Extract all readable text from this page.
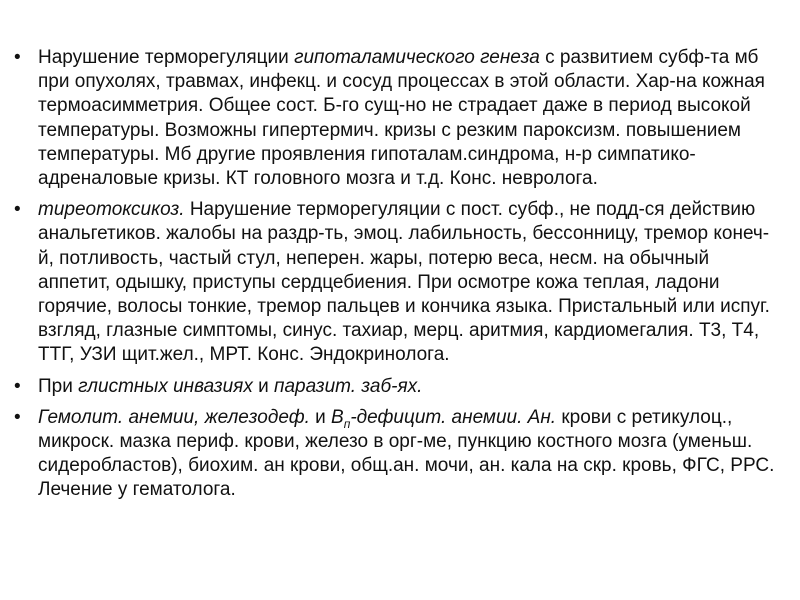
• Нарушение терморегуляции гипоталамического генеза с развитием субф-та мб при опухолях, травмах, инфекц. и сосуд процессах в этой области. Хар-на кожная термоасимметрия. Общее сост. Б-го сущ-но не страдает даже в период высокой температуры. Возможны гипертермич. кризы с резким пароксизм. повышением температуры. Мб другие проявления гипоталам.синдрома, н-р симпатико-адреналовые кризы. КТ головного мозга и т.д. Конс. невролога.
• тиреотоксикоз. Нарушение терморегуляции с пост. субф., не подд-ся действию анальгетиков. жалобы на раздр-ть, эмоц. лабильность, бессонницу, тремор конеч-й, потливость, частый стул, неперен. жары, потерю веса, несм. на обычный аппетит, одышку, приступы сердцебиения. При осмотре кожа теплая, ладони горячие, волосы тонкие, тремор пальцев и кончика языка. Пристальный или испуг. взгляд, глазные симптомы, синус. тахиар, мерц. аритмия, кардиомегалия. Т3, Т4, ТТГ, УЗИ щит.жел., МРТ. Конс. Эндокринолога.
• При глистных инвазиях и паразит. заб-ях.
• Гемолит. анемии, железодеф. и $В_п$-дефицит. анемии. Ан. крови с ретикулоц., микроск. мазка периф. крови, железо в орг-ме, пункцию костного мозга (уменьш. сидеробластов), биохим. ан крови, общ.ан. мочи, ан. кала на скр. кровь, ФГС, РРС. Лечение у гематолога.
